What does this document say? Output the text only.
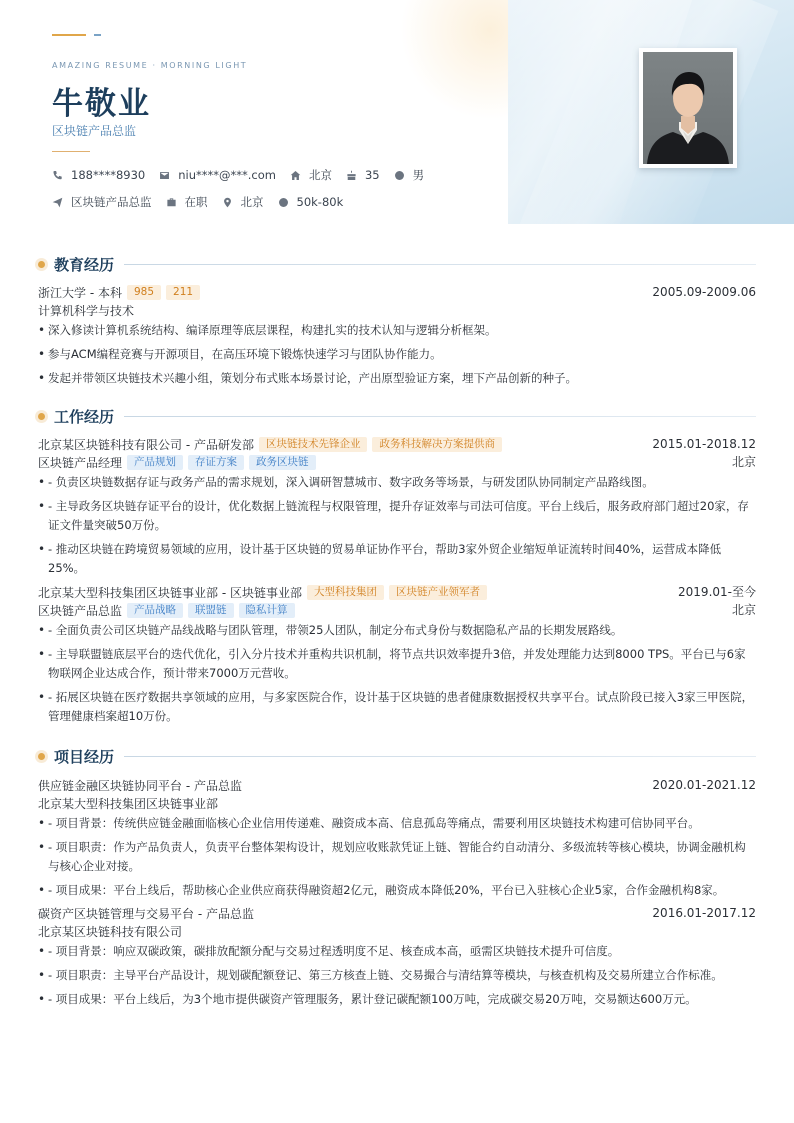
AMAZING RESUME · MORNING LIGHT
牛敬业
区块链产品总监
188****8930	niu****@***.com	北京	35	男
区块链产品总监	在职	北京	50k-80k
教育经历
浙江大学 - 本科	985	211	2005.09-2009.06
计算机科学与技术
• 深入修读计算机系统结构、编译原理等底层课程，构建扎实的技术认知与逻辑分析框架。
• 参与ACM编程竞赛与开源项目，在高压环境下锻炼快速学习与团队协作能力。
• 发起并带领区块链技术兴趣小组，策划分布式账本场景讨论，产出原型验证方案，埋下产品创新的种子。
工作经历
北京某区块链科技有限公司 - 产品研发部	区块链技术先锋企业	政务科技解决方案提供商	2015.01-2018.12
区块链产品经理	产品规划	存证方案	政务区块链	北京
• - 负责区块链数据存证与政务产品的需求规划，深入调研智慧城市、数字政务等场景，与研发团队协同制定产品路线图。
• - 主导政务区块链存证平台的设计，优化数据上链流程与权限管理，提升存证效率与司法可信度。平台上线后，服务政府部门超过20家，存证文件量突破50万份。
• - 推动区块链在跨境贸易领域的应用，设计基于区块链的贸易单证协作平台，帮助3家外贸企业缩短单证流转时间40%，运营成本降低25%。
北京某大型科技集团区块链事业部 - 区块链事业部	大型科技集团	区块链产业领军者	2019.01-至今
区块链产品总监	产品战略	联盟链	隐私计算	北京
• - 全面负责公司区块链产品线战略与团队管理，带领25人团队，制定分布式身份与数据隐私产品的长期发展路线。
• - 主导联盟链底层平台的迭代优化，引入分片技术并重构共识机制，将节点共识效率提升3倍，并发处理能力达到8000 TPS。平台已与6家物联网企业达成合作，预计带来7000万元营收。
• - 拓展区块链在医疗数据共享领域的应用，与多家医院合作，设计基于区块链的患者健康数据授权共享平台。试点阶段已接入3家三甲医院，管理健康档案超10万份。
项目经历
供应链金融区块链协同平台 - 产品总监	2020.01-2021.12
北京某大型科技集团区块链事业部
• - 项目背景：传统供应链金融面临核心企业信用传递难、融资成本高、信息孤岛等痛点，需要利用区块链技术构建可信协同平台。
• - 项目职责：作为产品负责人，负责平台整体架构设计，规划应收账款凭证上链、智能合约自动清分、多级流转等核心模块，协调金融机构与核心企业对接。
• - 项目成果：平台上线后，帮助核心企业供应商获得融资超2亿元，融资成本降低20%，平台已入驻核心企业5家，合作金融机构8家。
碳资产区块链管理与交易平台 - 产品总监	2016.01-2017.12
北京某区块链科技有限公司
• - 项目背景：响应双碳政策，碳排放配额分配与交易过程透明度不足、核查成本高，亟需区块链技术提升可信度。
• - 项目职责：主导平台产品设计，规划碳配额登记、第三方核查上链、交易撮合与清结算等模块，与核查机构及交易所建立合作标准。
• - 项目成果：平台上线后，为3个地市提供碳资产管理服务，累计登记碳配额100万吨，完成碳交易20万吨，交易额达600万元。
